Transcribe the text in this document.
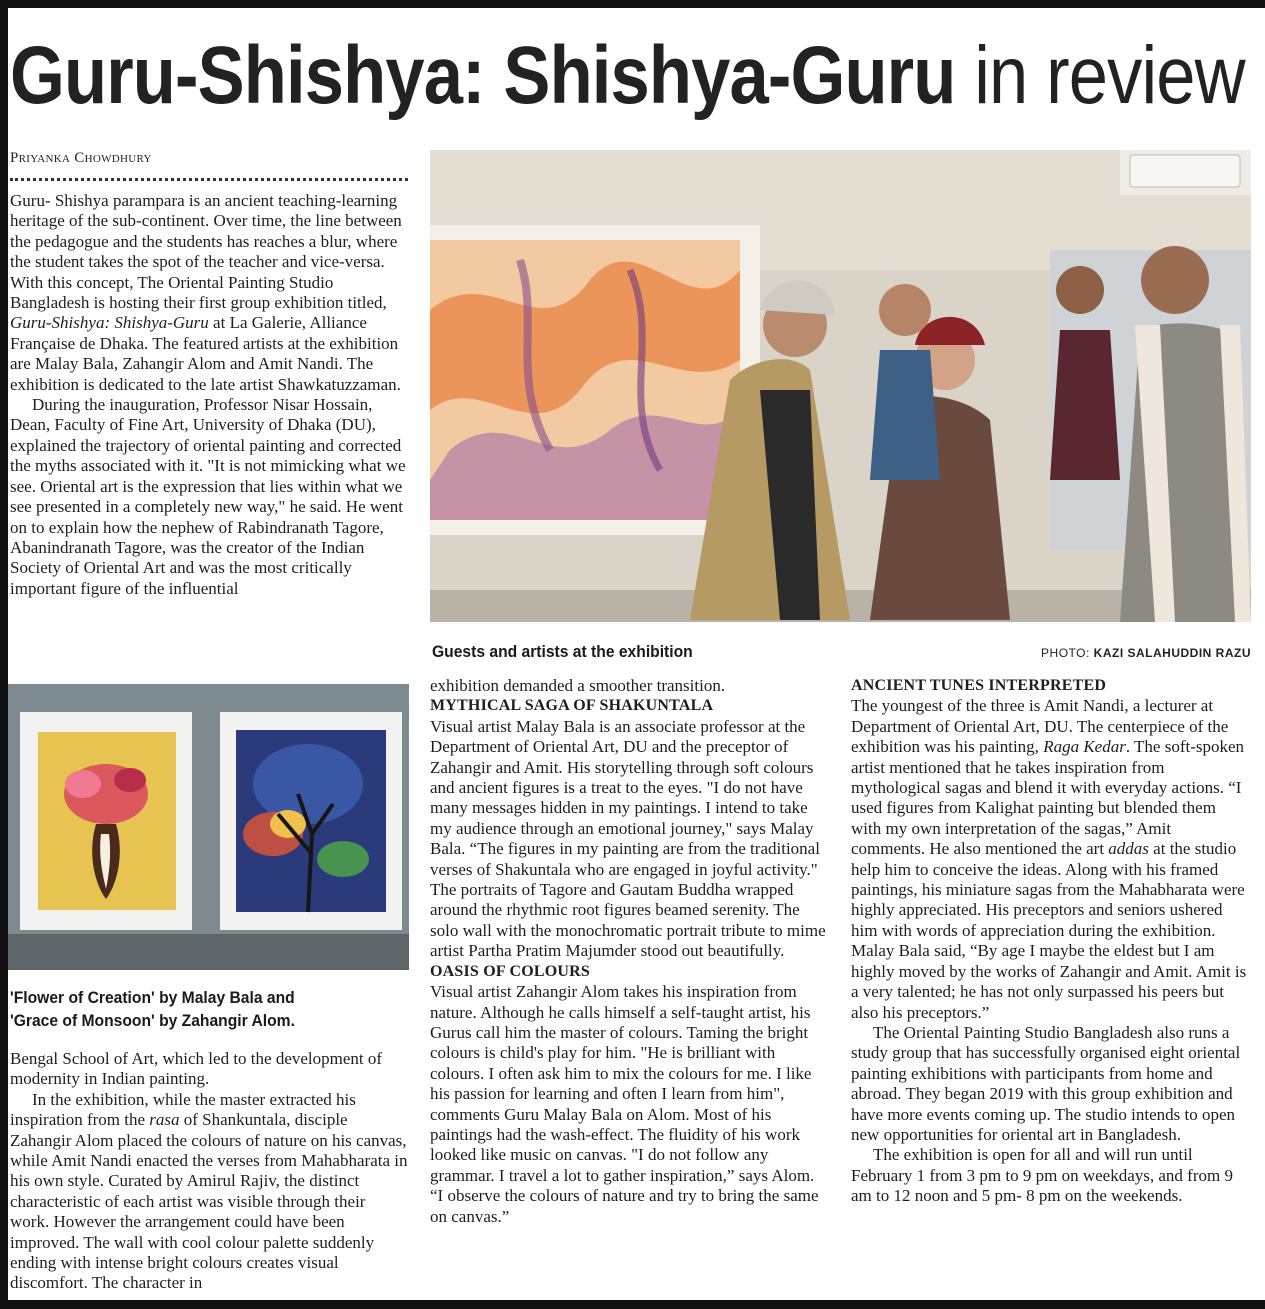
Guru-Shishya: Shishya-Guru in review
Priyanka Chowdhury

Guru- Shishya parampara is an ancient teaching-learning heritage of the sub-continent. Over time, the line between the pedagogue and the students has reaches a blur, where the student takes the spot of the teacher and vice-versa. With this concept, The Oriental Painting Studio Bangladesh is hosting their first group exhibition titled, Guru-Shishya: Shishya-Guru at La Galerie, Alliance Française de Dhaka. The featured artists at the exhibition are Malay Bala, Zahangir Alom and Amit Nandi. The exhibition is dedicated to the late artist Shawkatuzzaman.

During the inauguration, Professor Nisar Hossain, Dean, Faculty of Fine Art, University of Dhaka (DU), explained the trajectory of oriental painting and corrected the myths associated with it. "It is not mimicking what we see. Oriental art is the expression that lies within what we see presented in a completely new way," he said. He went on to explain how the nephew of Rabindranath Tagore, Abanindranath Tagore, was the creator of the Indian Society of Oriental Art and was the most critically important figure of the influential

Guests and artists at the exhibition	PHOTO: KAZI SALAHUDDIN RAZU
'Flower of Creation' by Malay Bala and
'Grace of Monsoon' by Zahangir Alom.

Bengal School of Art, which led to the development of modernity in Indian painting.

In the exhibition, while the master extracted his inspiration from the rasa of Shankuntala, disciple Zahangir Alom placed the colours of nature on his canvas, while Amit Nandi enacted the verses from Mahabharata in his own style. Curated by Amirul Rajiv, the distinct characteristic of each artist was visible through their work. However the arrangement could have been improved. The wall with cool colour palette suddenly ending with intense bright colours creates visual discomfort. The character in

exhibition demanded a smoother transition.

MYTHICAL SAGA OF SHAKUNTALA

Visual artist Malay Bala is an associate professor at the Department of Oriental Art, DU and the preceptor of Zahangir and Amit. His storytelling through soft colours and ancient figures is a treat to the eyes. "I do not have many messages hidden in my paintings. I intend to take my audience through an emotional journey," says Malay Bala. “The figures in my painting are from the traditional verses of Shakuntala who are engaged in joyful activity." The portraits of Tagore and Gautam Buddha wrapped around the rhythmic root figures beamed serenity. The solo wall with the monochromatic portrait tribute to mime artist Partha Pratim Majumder stood out beautifully.

OASIS OF COLOURS

Visual artist Zahangir Alom takes his inspiration from nature. Although he calls himself a self-taught artist, his Gurus call him the master of colours. Taming the bright colours is child's play for him. "He is brilliant with colours. I often ask him to mix the colours for me. I like his passion for learning and often I learn from him", comments Guru Malay Bala on Alom. Most of his paintings had the wash-effect. The fluidity of his work looked like music on canvas. "I do not follow any grammar. I travel a lot to gather inspiration,” says Alom. “I observe the colours of nature and try to bring the same on canvas.”

ANCIENT TUNES INTERPRETED

The youngest of the three is Amit Nandi, a lecturer at Department of Oriental Art, DU. The centerpiece of the exhibition was his painting, Raga Kedar. The soft-spoken artist mentioned that he takes inspiration from mythological sagas and blend it with everyday actions. “I used figures from Kalighat painting but blended them with my own interpretation of the sagas,” Amit comments. He also mentioned the art addas at the studio help him to conceive the ideas. Along with his framed paintings, his miniature sagas from the Mahabharata were highly appreciated. His preceptors and seniors ushered him with words of appreciation during the exhibition. Malay Bala said, “By age I maybe the eldest but I am highly moved by the works of Zahangir and Amit. Amit is a very talented; he has not only surpassed his peers but also his preceptors.”

The Oriental Painting Studio Bangladesh also runs a study group that has successfully organised eight oriental painting exhibitions with participants from home and abroad. They began 2019 with this group exhibition and have more events coming up. The studio intends to open new opportunities for oriental art in Bangladesh.

The exhibition is open for all and will run until February 1 from 3 pm to 9 pm on weekdays, and from 9 am to 12 noon and 5 pm- 8 pm on the weekends.
